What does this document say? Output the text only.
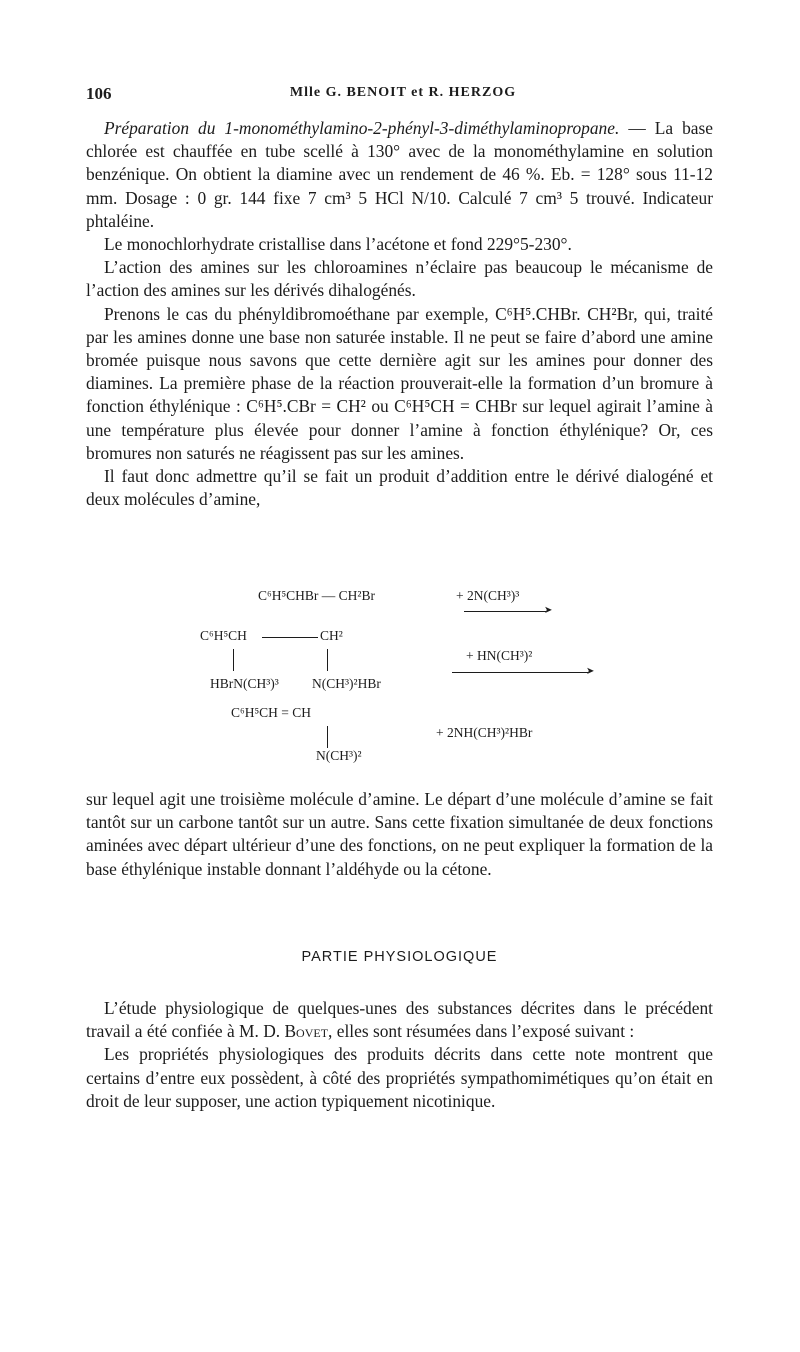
106	Mlle G. BENOIT et R. HERZOG

Préparation du 1-monométhylamino-2-phényl-3-diméthylaminopropane. — La base chlorée est chauffée en tube scellé à 130° avec de la monométhylamine en solution benzénique. On obtient la diamine avec un rendement de 46 %. Eb. = 128° sous 11-12 mm. Dosage : 0 gr. 144 fixe 7 cm³ 5 HCl N/10. Calculé 7 cm³ 5 trouvé. Indicateur phtaléine.

Le monochlorhydrate cristallise dans l’acétone et fond 229°5-230°.

L’action des amines sur les chloroamines n’éclaire pas beaucoup le mécanisme de l’action des amines sur les dérivés dihalogénés.

Prenons le cas du phényldibromoéthane par exemple, C⁶H⁵.CHBr. CH²Br, qui, traité par les amines donne une base non saturée instable. Il ne peut se faire d’abord une amine bromée puisque nous savons que cette dernière agit sur les amines pour donner des diamines. La première phase de la réaction prouverait-elle la formation d’un bromure à fonction éthylénique : C⁶H⁵.CBr = CH² ou C⁶H⁵CH = CHBr sur lequel agirait l’amine à une température plus élevée pour donner l’amine à fonction éthylénique? Or, ces bromures non saturés ne réagissent pas sur les amines.

Il faut donc admettre qu’il se fait un produit d’addition entre le dérivé dialogéné et deux molécules d’amine,

C⁶H⁵CHBr — CH²Br	+ 2N(CH³)³
➤
C⁶H⁵CH	CH²
+ HN(CH³)²
➤
HBrN(CH³)³ N(CH³)²HBr
C⁶H⁵CH = CH
+ 2NH(CH³)²HBr
N(CH³)²

sur lequel agit une troisième molécule d’amine. Le départ d’une molécule d’amine se fait tantôt sur un carbone tantôt sur un autre. Sans cette fixation simultanée de deux fonctions aminées avec départ ultérieur d’une des fonctions, on ne peut expliquer la formation de la base éthylénique instable donnant l’aldéhyde ou la cétone.

PARTIE PHYSIOLOGIQUE

L’étude physiologique de quelques-unes des substances décrites dans le précédent travail a été confiée à M. D. Bovet, elles sont résumées dans l’exposé suivant :

Les propriétés physiologiques des produits décrits dans cette note montrent que certains d’entre eux possèdent, à côté des propriétés sympathomimétiques qu’on était en droit de leur supposer, une action typiquement nicotinique.
